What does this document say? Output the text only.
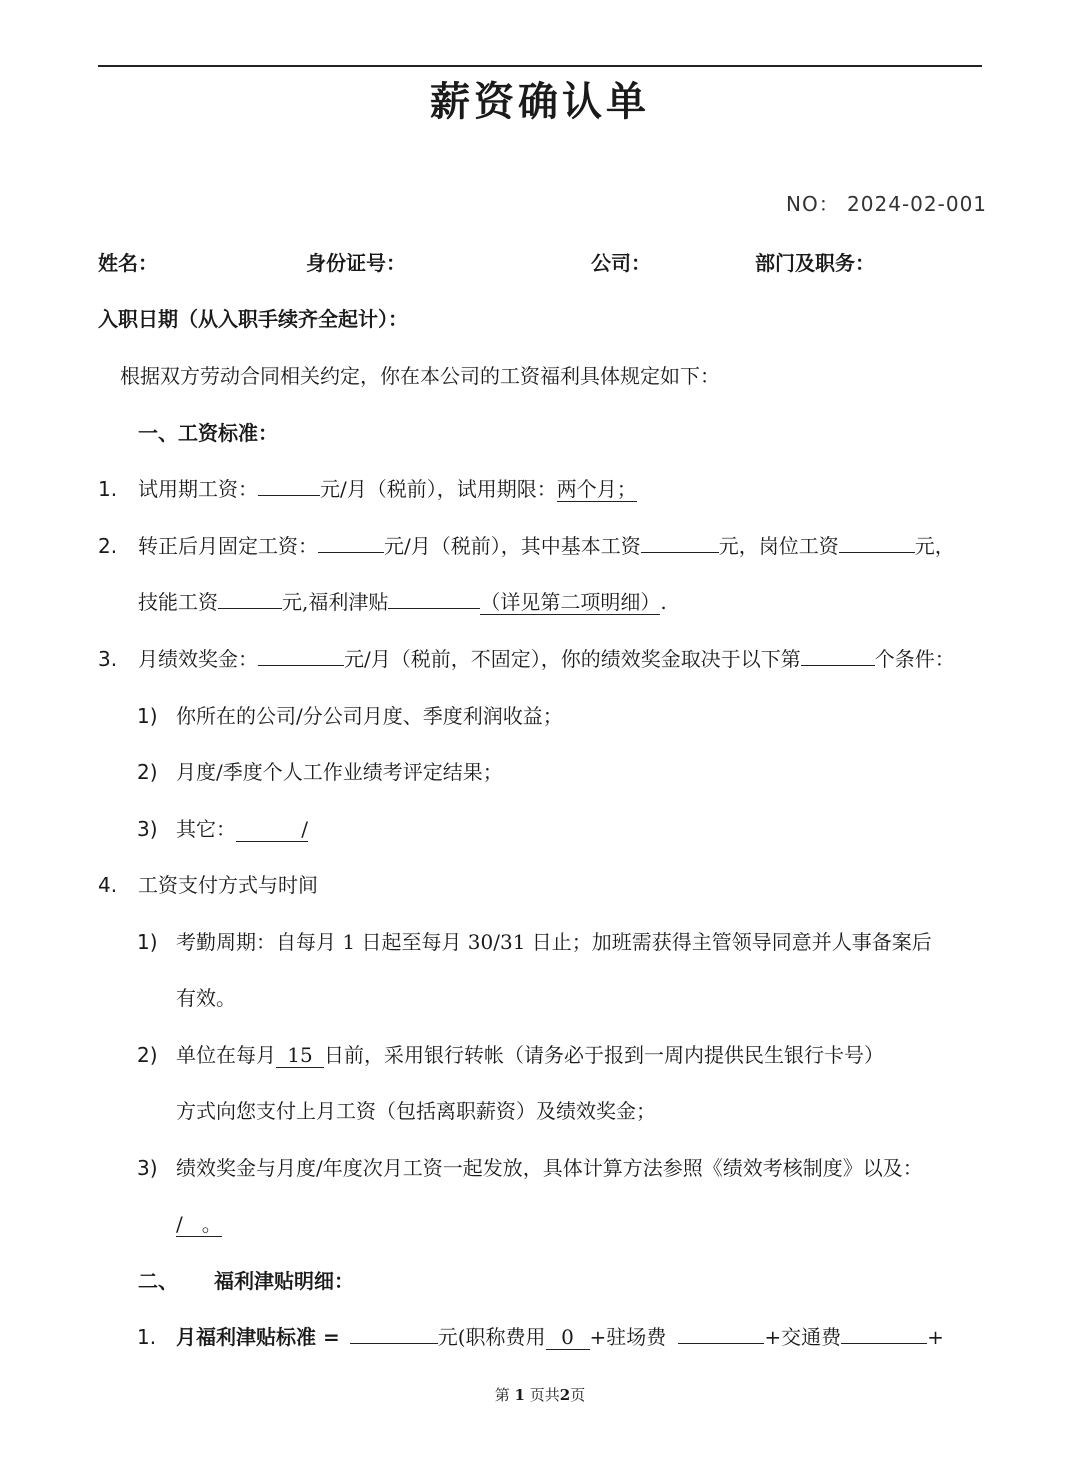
薪资确认单
NO： 2024-02-001
姓名：	身份证号：	公司：	部门及职务：
入职日期（从入职手续齐全起计）：
根据双方劳动合同相关约定，你在本公司的工资福利具体规定如下：
一、工资标准：
1. 试用期工资：	元/月（税前），试用期限：两个月；
2. 转正后月固定工资：	元/月（税前），其中基本工资	元，岗位工资	元，
技能工资	元,福利津贴	（详见第二项明细）.
3. 月绩效奖金：	元/月（税前，不固定），你的绩效奖金取决于以下第	个条件：
1) 你所在的公司/分公司月度、季度利润收益；
2) 月度/季度个人工作业绩考评定结果；
3) 其它：	/
4. 工资支付方式与时间
1) 考勤周期：自每月 1 日起至每月 30/31 日止；加班需获得主管领导同意并人事备案后
有效。
2) 单位在每月 15 日前，采用银行转帐（请务必于报到一周内提供民生银行卡号）
方式向您支付上月工资（包括离职薪资）及绩效奖金；
3) 绩效奖金与月度/年度次月工资一起发放，具体计算方法参照《绩效考核制度》以及：
/   。
二、 福利津贴明细：
1. 月福利津贴标准 =	元(职称费用 0 +驻场费	+交通费	+
第 1 页共2页
